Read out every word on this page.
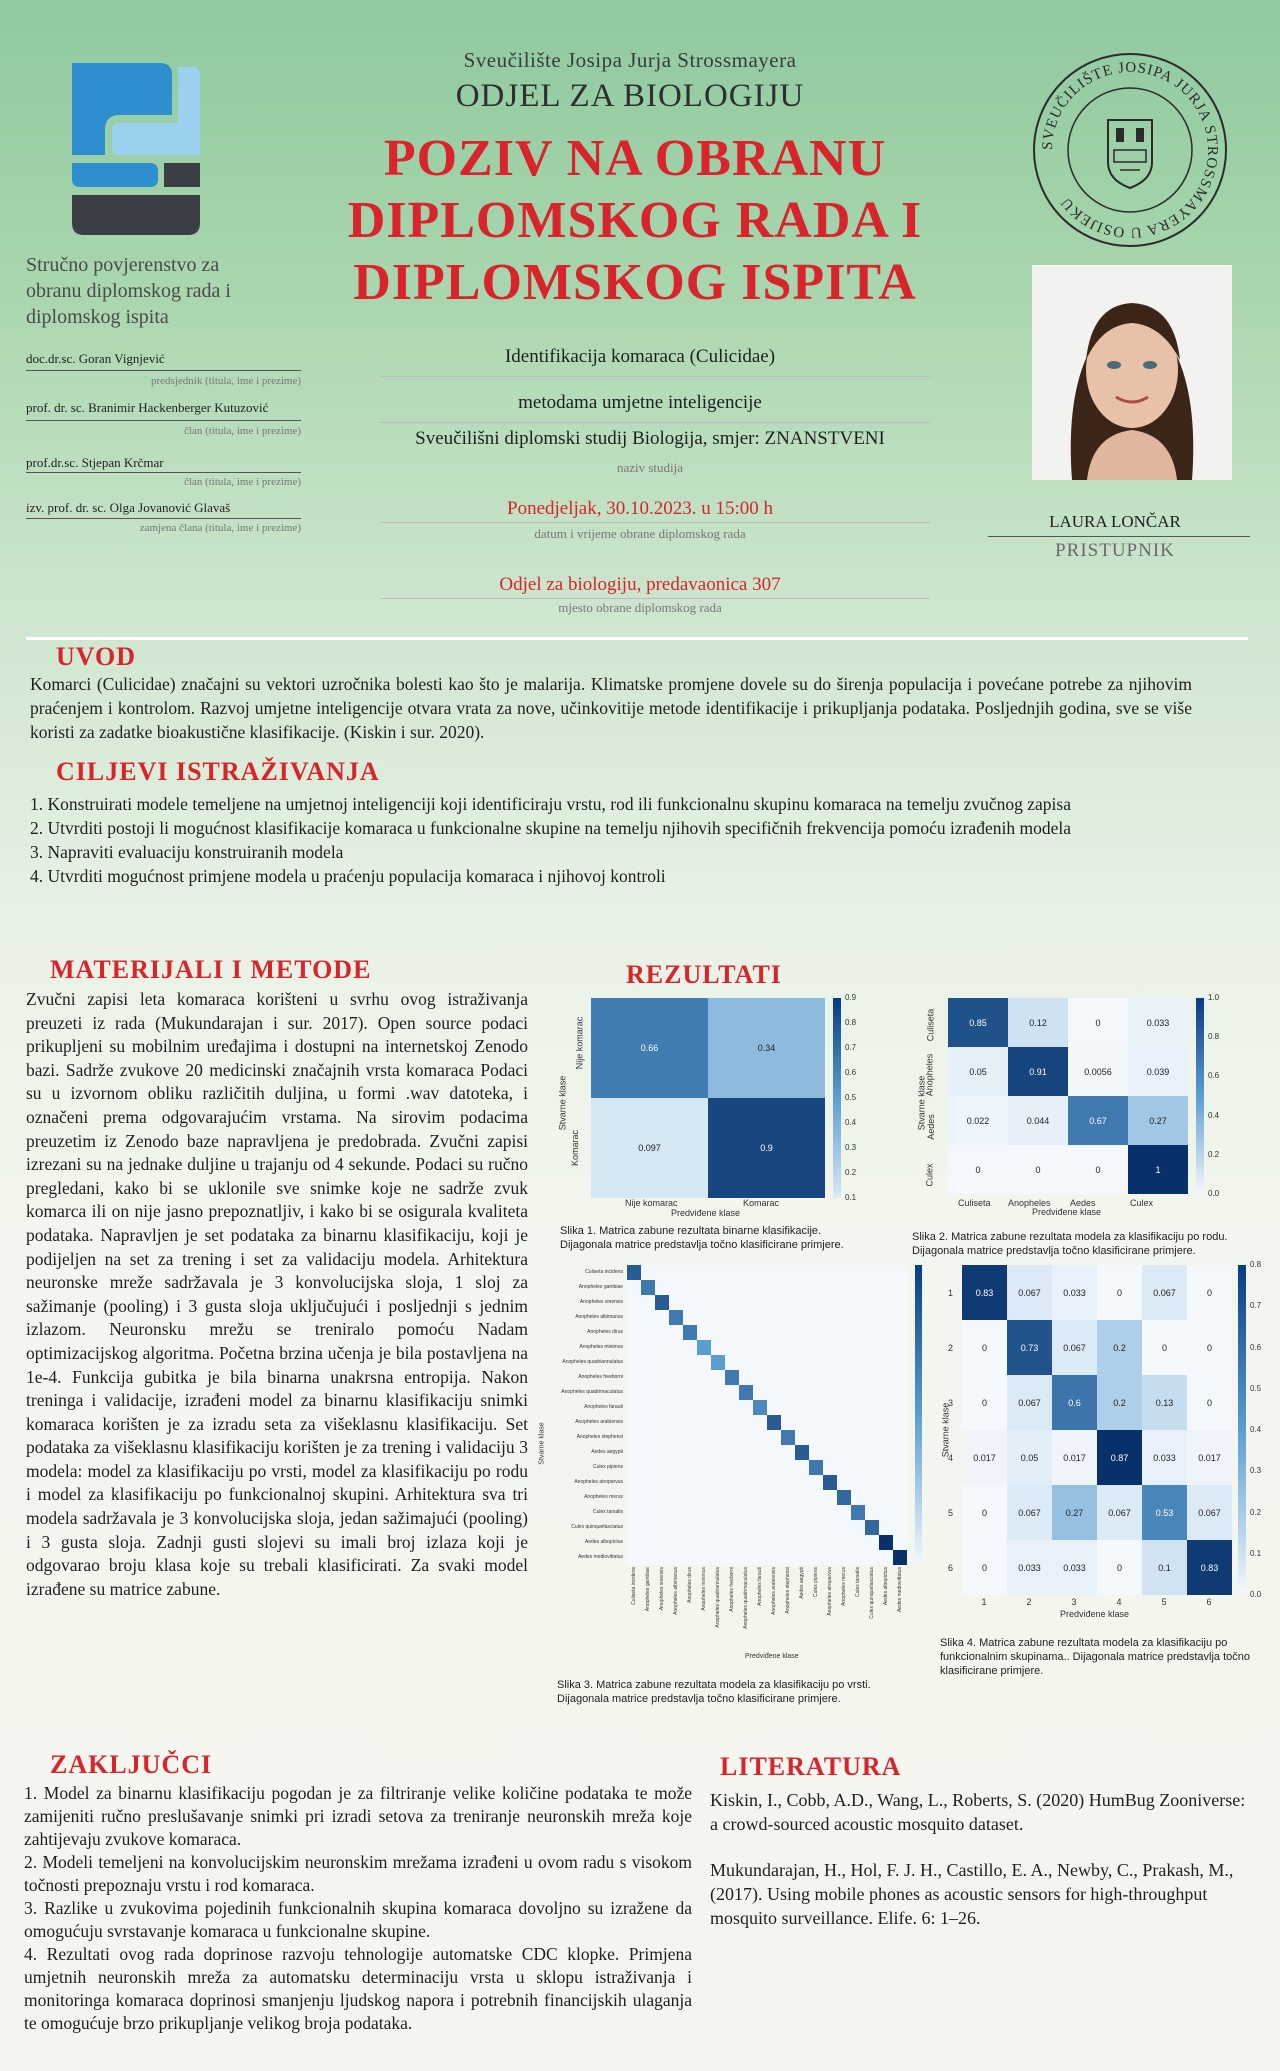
Sveučilište Josipa Jurja Strossmayera
ODJEL ZA BIOLOGIJU
POZIV NA OBRANU
DIPLOMSKOG RADA I
DIPLOMSKOG ISPITA
SVEUČILIŠTE JOSIPA JURJA STROSSMAYERA U OSIJEKU
Stručno povjerenstvo za obranu diplomskog rada i diplomskog ispita
doc.dr.sc. Goran Vignjević
predsjednik (titula, ime i prezime)
prof. dr. sc. Branimir Hackenberger Kutuzović
član (titula, ime i prezime)
prof.dr.sc. Stjepan Krčmar
član (titula, ime i prezime)
izv. prof. dr. sc. Olga Jovanović Glavaš
zamjena člana (titula, ime i prezime)
Identifikacija komaraca (Culicidae)
metodama umjetne inteligencije
Sveučilišni diplomski studij Biologija, smjer: ZNANSTVENI
naziv studija
Ponedjeljak, 30.10.2023. u 15:00 h
datum i vrijeme obrane diplomskog rada
Odjel za biologiju, predavaonica 307
mjesto obrane diplomskog rada
LAURA LONČAR
PRISTUPNIK
UVOD
Komarci (Culicidae) značajni su vektori uzročnika bolesti kao što je malarija. Klimatske promjene dovele su do širenja populacija i povećane potrebe za njihovim praćenjem i kontrolom. Razvoj umjetne inteligencije otvara vrata za nove, učinkovitije metode identifikacije i prikupljanja podataka. Posljednjih godina, sve se više koristi za zadatke bioakustične klasifikacije. (Kiskin i sur. 2020).
CILJEVI ISTRAŽIVANJA
1. Konstruirati modele temeljene na umjetnoj inteligenciji koji identificiraju vrstu, rod ili funkcionalnu skupinu komaraca na temelju zvučnog zapisa
2. Utvrditi postoji li mogućnost klasifikacije komaraca u funkcionalne skupine na temelju njihovih specifičnih frekvencija pomoću izrađenih modela
3. Napraviti evaluaciju konstruiranih modela
4. Utvrditi mogućnost primjene modela u praćenju populacija komaraca i njihovoj kontroli
MATERIJALI I METODE
Zvučni zapisi leta komaraca korišteni u svrhu ovog istraživanja preuzeti iz rada (Mukundarajan i sur. 2017). Open source podaci prikupljeni su mobilnim uređajima i dostupni na internetskoj Zenodo bazi. Sadrže zvukove 20 medicinski značajnih vrsta komaraca Podaci su u izvornom obliku različitih duljina, u formi .wav datoteka, i označeni prema odgovarajućim vrstama. Na sirovim podacima preuzetim iz Zenodo baze napravljena je predobrada. Zvučni zapisi izrezani su na jednake duljine u trajanju od 4 sekunde. Podaci su ručno pregledani, kako bi se uklonile sve snimke koje ne sadrže zvuk komarca ili on nije jasno prepoznatljiv, i kako bi se osigurala kvaliteta podataka. Napravljen je set podataka za binarnu klasifikaciju, koji je podijeljen na set za trening i set za validaciju modela. Arhitektura neuronske mreže sadržavala je 3 konvolucijska sloja, 1 sloj za sažimanje (pooling) i 3 gusta sloja uključujući i posljednji s jednim izlazom. Neuronsku mrežu se treniralo pomoću Nadam optimizacijskog algoritma. Početna brzina učenja je bila postavljena na 1e-4. Funkcija gubitka je bila binarna unakrsna entropija. Nakon treninga i validacije, izrađeni model za binarnu klasifikaciju snimki komaraca korišten je za izradu seta za višeklasnu klasifikaciju. Set podataka za višeklasnu klasifikaciju korišten je za trening i validaciju 3 modela: model za klasifikaciju po vrsti, model za klasifikaciju po rodu i model za klasifikaciju po funkcionalnoj skupini. Arhitektura sva tri modela sadržavala je 3 konvolucijska sloja, jedan sažimajući (pooling) i 3 gusta sloja. Zadnji gusti slojevi su imali broj izlaza koji je odgovarao broju klasa koje su trebali klasificirati. Za svaki model izrađene su matrice zabune.
REZULTATI
Stvarne klase
Nije komarac
Komarac
0.66	0.34
0.097	0.9
Nije komarac	Komarac
Predviđene klase
0.9
0.8
0.7
0.6
0.5
0.4
0.3
0.2
0.1
Slika 1. Matrica zabune rezultata binarne klasifikacije. Dijagonala matrice predstavlja točno klasificirane primjere.
Stvarne klase
Culiseta
Anopheles
Aedes
Culex
0.85	0.12	0	0.033
0.05	0.91	0.0056	0.039
0.022	0.044	0.67	0.27
0	0	0	1
Culiseta Anopheles Aedes	Culex
Predviđene klase
1.0
0.8
0.6
0.4
0.2
0.0
Slika 2. Matrica zabune rezultata modela za klasifikaciju po rodu. Dijagonala matrice predstavlja točno klasificirane primjere.
Stvarne klase
Culiseta incidens
Anopheles gambiae
Anopheles sinensis
Anopheles albimanus
Anopheles dirus
Anopheles minimus
Anopheles quadriannulatus
Anopheles freeborni
Anopheles quadrimaculatus
Anopheles farauti
Anopheles arabiensis
Anopheles stephensi
Aedes aegypti
Culex pipiens
Anopheles atroparvus
Anopheles merus
Culex tarsalis
Culex quinquefasciatus
Aedes albopictus
Aedes mediovittatus
Culiseta incidens Anopheles gambiae Anopheles sinensis Anopheles albimanus Anopheles dirus Anopheles minimus Anopheles quadriannulatus Anopheles freeborni Anopheles quadrimaculatus Anopheles farauti Anopheles arabiensis Anopheles stephensi Aedes aegypti Culex pipiens Anopheles atroparvus Anopheles merus Culex tarsalis Culex quinquefasciatus Aedes albopictus Aedes mediovittatus
Predviđene klase
Slika 3. Matrica zabune rezultata modela za klasifikaciju po vrsti. Dijagonala matrice predstavlja točno klasificirane primjere.
Stvarne klase
1
2
3
4
5
6
0.83	0.067	0.033	0	0.067	0
0	0.73	0.067	0.2	0	0
0	0.067	0.6	0.2	0.13	0
0.017	0.05	0.017	0.87	0.033	0.017
0	0.067	0.27	0.067	0.53	0.067
0	0.033	0.033	0	0.1	0.83
1	2	3	4	5	6
Predviđene klase
0.8
0.7
0.6
0.5
0.4
0.3
0.2
0.1
0.0
Slika 4. Matrica zabune rezultata modela za klasifikaciju po funkcionalnim skupinama.. Dijagonala matrice predstavlja točno klasificirane primjere.
ZAKLJUČCI
1. Model za binarnu klasifikaciju pogodan je za filtriranje velike količine podataka te može zamijeniti ručno preslušavanje snimki pri izradi setova za treniranje neuronskih mreža koje zahtijevaju zvukove komaraca.
2. Modeli temeljeni na konvolucijskim neuronskim mrežama izrađeni u ovom radu s visokom točnosti prepoznaju vrstu i rod komaraca.
3. Razlike u zvukovima pojedinih funkcionalnih skupina komaraca dovoljno su izražene da omogućuju svrstavanje komaraca u funkcionalne skupine.
4. Rezultati ovog rada doprinose razvoju tehnologije automatske CDC klopke. Primjena umjetnih neuronskih mreža za automatsku determinaciju vrsta u sklopu istraživanja i monitoringa komaraca doprinosi smanjenju ljudskog napora i potrebnih financijskih ulaganja te omogućuje brzo prikupljanje velikog broja podataka.
LITERATURA
Kiskin, I., Cobb, A.D., Wang, L., Roberts, S. (2020) HumBug Zooniverse: a crowd-sourced acoustic mosquito dataset.
Mukundarajan, H., Hol, F. J. H., Castillo, E. A., Newby, C., Prakash, M., (2017). Using mobile phones as acoustic sensors for high-throughput mosquito surveillance. Elife. 6: 1–26.
